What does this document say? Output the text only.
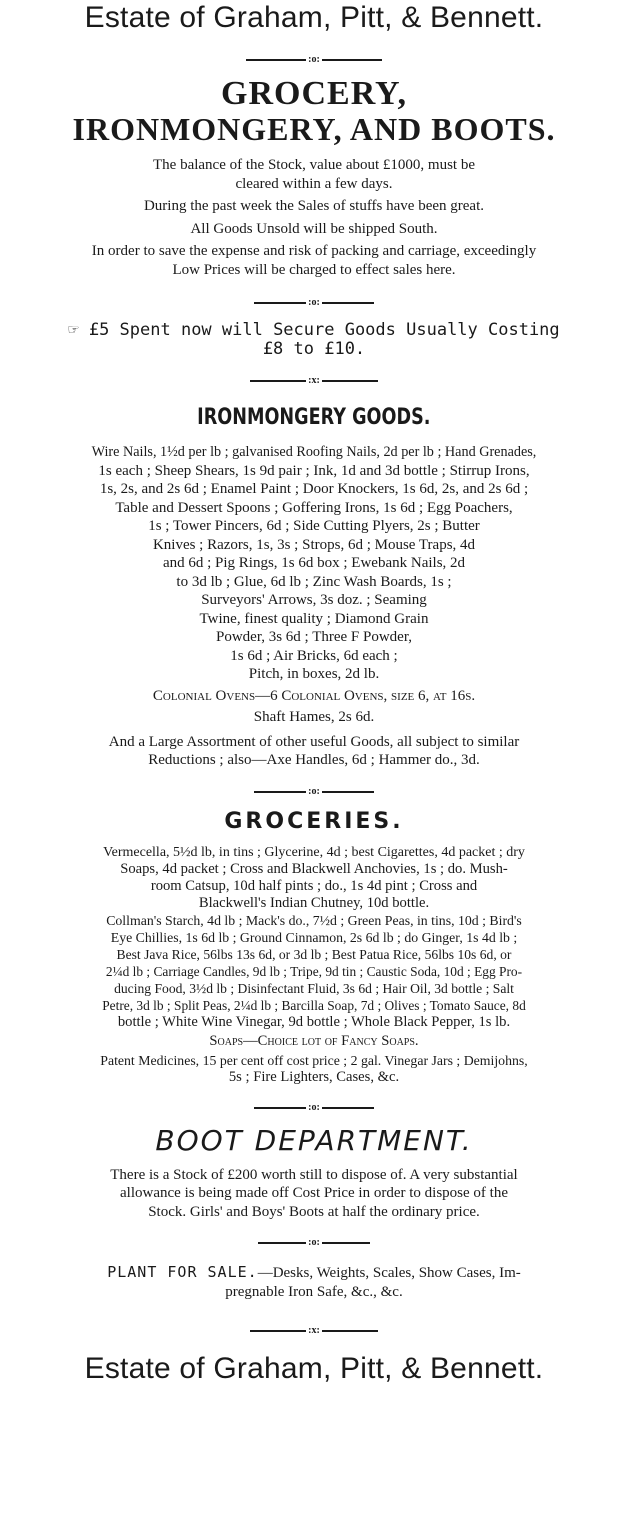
Estate of Graham, Pitt, & Bennett.
:o:
GROCERY,
IRONMONGERY, AND BOOTS.
The balance of the Stock, value about £1000, must be
cleared within a few days.
During the past week the Sales of stuffs have been great.
All Goods Unsold will be shipped South.
In order to save the expense and risk of packing and carriage, exceedingly
Low Prices will be charged to effect sales here.
:o:
☞ £5 Spent now will Secure Goods Usually Costing
£8 to £10.
:x:
IRONMONGERY GOODS.
Wire Nails, 1½d per lb ; galvanised Roofing Nails, 2d per lb ; Hand Grenades,
1s each ; Sheep Shears, 1s 9d pair ; Ink, 1d and 3d bottle ; Stirrup Irons,
1s, 2s, and 2s 6d ; Enamel Paint ; Door Knockers, 1s 6d, 2s, and 2s 6d ;
Table and Dessert Spoons ; Goffering Irons, 1s 6d ; Egg Poachers,
1s ; Tower Pincers, 6d ; Side Cutting Plyers, 2s ; Butter
Knives ; Razors, 1s, 3s ; Strops, 6d ; Mouse Traps, 4d
and 6d ; Pig Rings, 1s 6d box ; Ewebank Nails, 2d
to 3d lb ; Glue, 6d lb ; Zinc Wash Boards, 1s ;
Surveyors' Arrows, 3s doz. ; Seaming
Twine, finest quality ; Diamond Grain
Powder, 3s 6d ; Three F Powder,
1s 6d ; Air Bricks, 6d each ;
Pitch, in boxes, 2d lb.
Colonial Ovens—6 Colonial Ovens, size 6, at 16s.
Shaft Hames, 2s 6d.
And a Large Assortment of other useful Goods, all subject to similar
Reductions ; also—Axe Handles, 6d ; Hammer do., 3d.
:o:
GROCERIES.
Vermecella, 5½d lb, in tins ; Glycerine, 4d ; best Cigarettes, 4d packet ; dry
Soaps, 4d packet ; Cross and Blackwell Anchovies, 1s ; do. Mush-
room Catsup, 10d half pints ; do., 1s 4d pint ; Cross and
Blackwell's Indian Chutney, 10d bottle.
Collman's Starch, 4d lb ; Mack's do., 7½d ; Green Peas, in tins, 10d ; Bird's
Eye Chillies, 1s 6d lb ; Ground Cinnamon, 2s 6d lb ; do Ginger, 1s 4d lb ;
Best Java Rice, 56lbs 13s 6d, or 3d lb ; Best Patua Rice, 56lbs 10s 6d, or
2¼d lb ; Carriage Candles, 9d lb ; Tripe, 9d tin ; Caustic Soda, 10d ; Egg Pro-
ducing Food, 3½d lb ; Disinfectant Fluid, 3s 6d ; Hair Oil, 3d bottle ; Salt
Petre, 3d lb ; Split Peas, 2¼d lb ; Barcilla Soap, 7d ; Olives ; Tomato Sauce, 8d
bottle ; White Wine Vinegar, 9d bottle ; Whole Black Pepper, 1s lb.
Soaps—Choice lot of Fancy Soaps.
Patent Medicines, 15 per cent off cost price ; 2 gal. Vinegar Jars ; Demijohns,
5s ; Fire Lighters, Cases, &c.
:o:
BOOT DEPARTMENT.
There is a Stock of £200 worth still to dispose of. A very substantial
allowance is being made off Cost Price in order to dispose of the
Stock. Girls' and Boys' Boots at half the ordinary price.
:o:
PLANT FOR SALE.—Desks, Weights, Scales, Show Cases, Im-
pregnable Iron Safe, &c., &c.
:x:
Estate of Graham, Pitt, & Bennett.
